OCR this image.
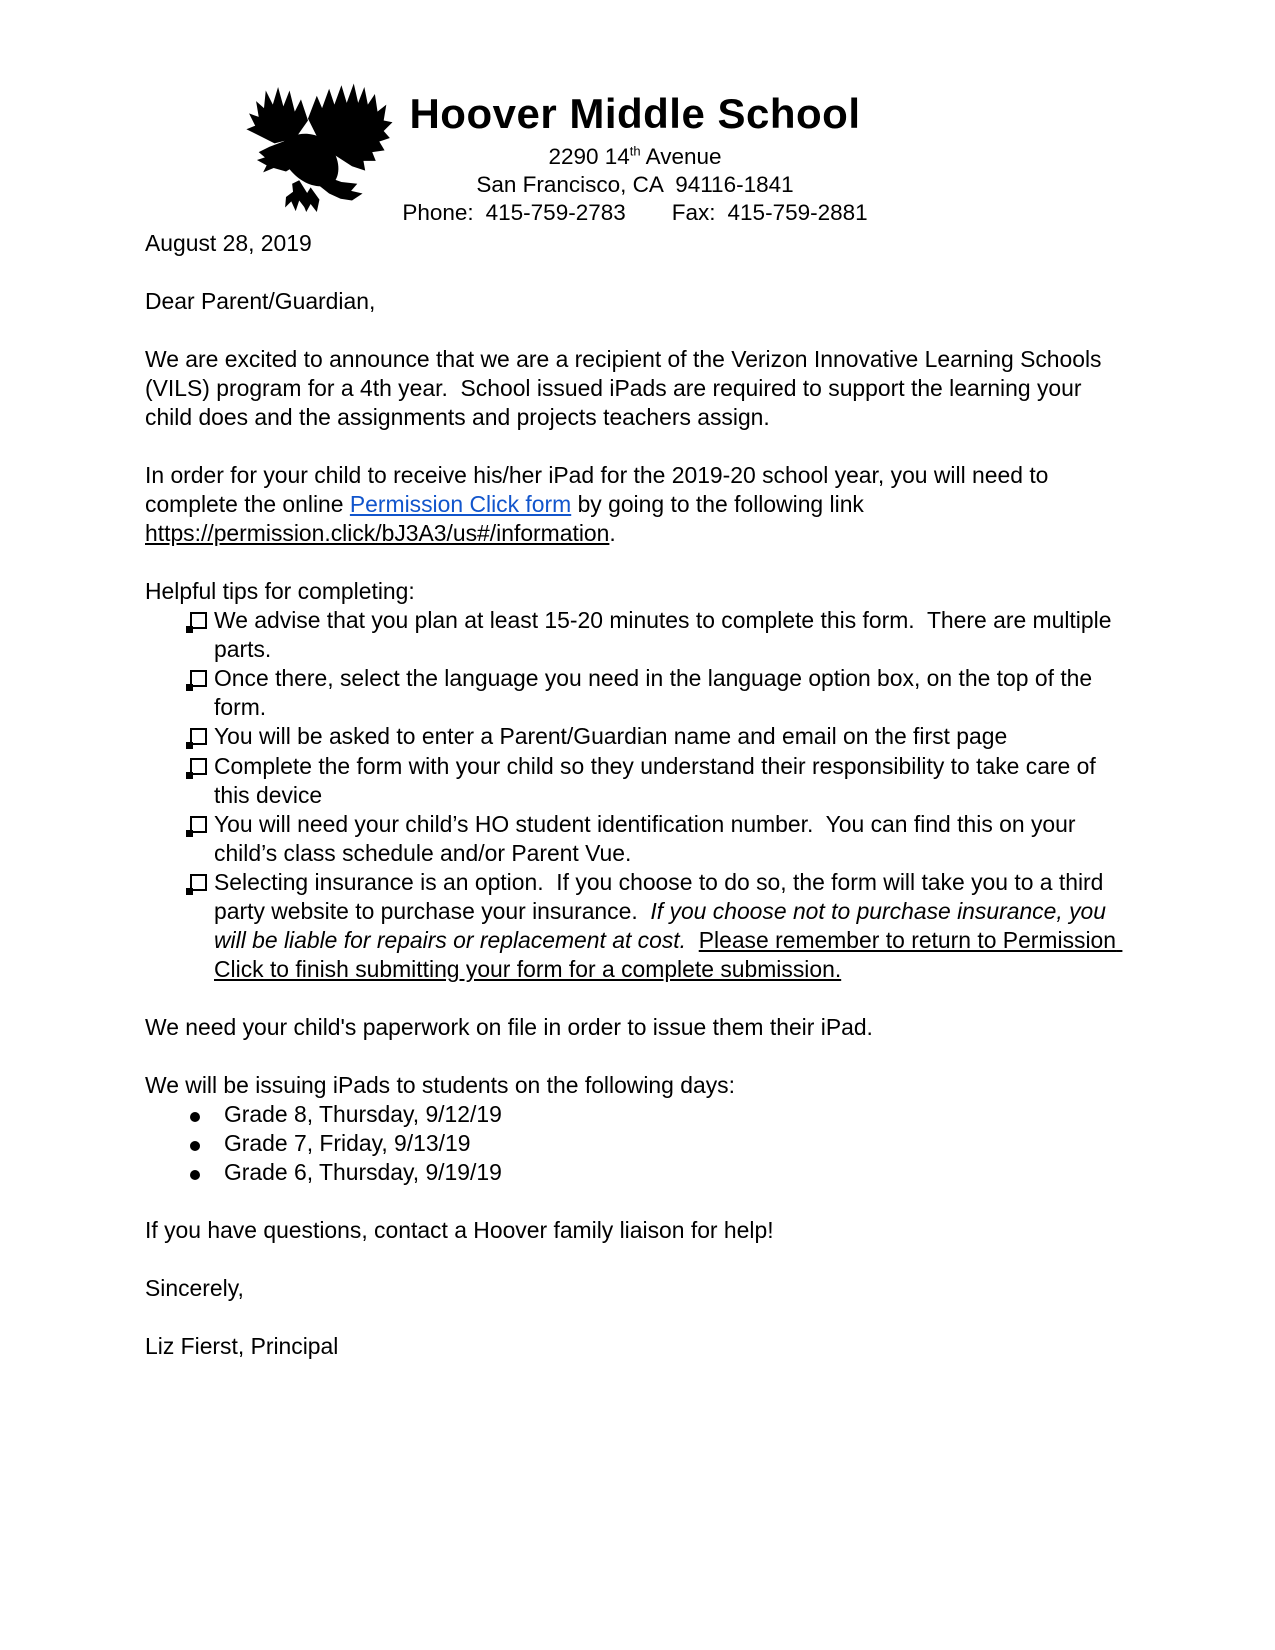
Hoover Middle School
2290 14th Avenue
San Francisco, CA  94116-1841
Phone: 415-759-2783 Fax: 415-759-2881

August 28, 2019

Dear Parent/Guardian,

We are excited to announce that we are a recipient of the Verizon Innovative Learning Schools (VILS) program for a 4th year.  School issued iPads are required to support the learning your child does and the assignments and projects teachers assign.

In order for your child to receive his/her iPad for the 2019-20 school year, you will need to complete the online Permission Click form by going to the following link https://permission.click/bJ3A3/us#/information.

Helpful tips for completing:

We advise that you plan at least 15-20 minutes to complete this form.  There are multiple parts.
Once there, select the language you need in the language option box, on the top of the form.
You will be asked to enter a Parent/Guardian name and email on the first page
Complete the form with your child so they understand their responsibility to take care of this device
You will need your child’s HO student identification number.  You can find this on your child’s class schedule and/or Parent Vue.
Selecting insurance is an option.  If you choose to do so, the form will take you to a third party website to purchase your insurance.  If you choose not to purchase insurance, you will be liable for repairs or replacement at cost.  Please remember to return to Permission Click to finish submitting your form for a complete submission.

We need your child's paperwork on file in order to issue them their iPad.

We will be issuing iPads to students on the following days:

Grade 8, Thursday, 9/12/19
Grade 7, Friday, 9/13/19
Grade 6, Thursday, 9/19/19

If you have questions, contact a Hoover family liaison for help!

Sincerely,

Liz Fierst, Principal
